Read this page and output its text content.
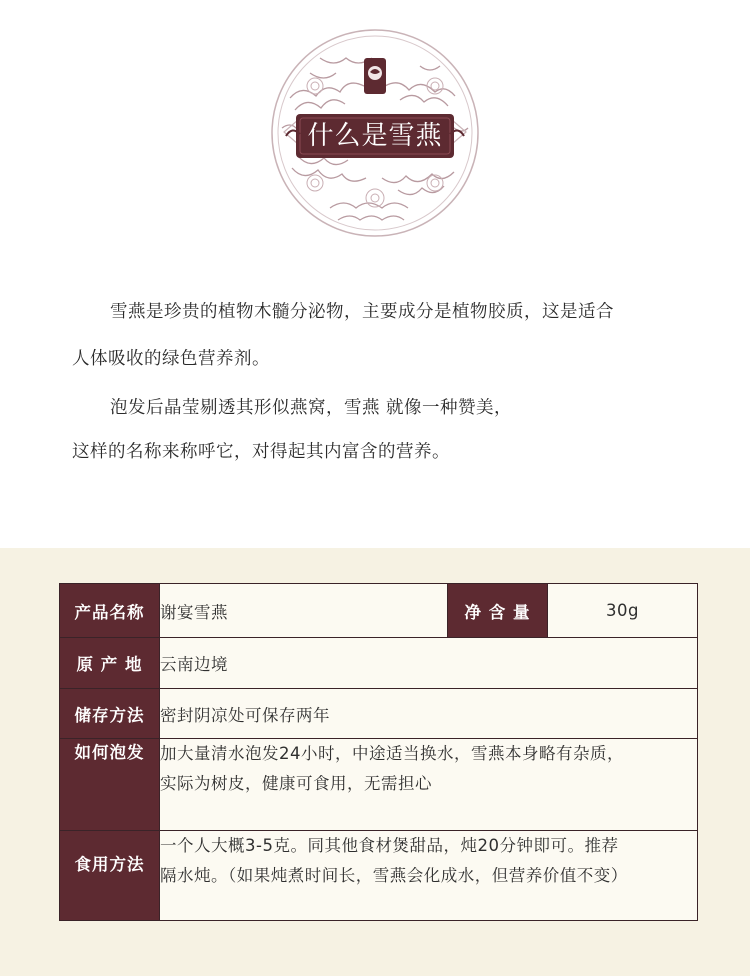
什么是雪燕
雪燕是珍贵的植物木髓分泌物，主要成分是植物胶质，这是适合
人体吸收的绿色营养剂。
泡发后晶莹剔透其形似燕窝，雪燕 就像一种赞美，
这样的名称来称呼它，对得起其内富含的营养。
产品名称	谢宴雪燕	净 含 量	30g
原 产 地	云南边境		
储存方法	密封阴凉处可保存两年		
如何泡发	加大量清水泡发24小时，中途适当换水，雪燕本身略有杂质，
实际为树皮，健康可食用，无需担心		

食用方法	一个人大概3-5克。同其他食材煲甜品，炖20分钟即可。推荐
隔水炖。（如果炖煮时间长，雪燕会化成水，但营养价值不变）		
